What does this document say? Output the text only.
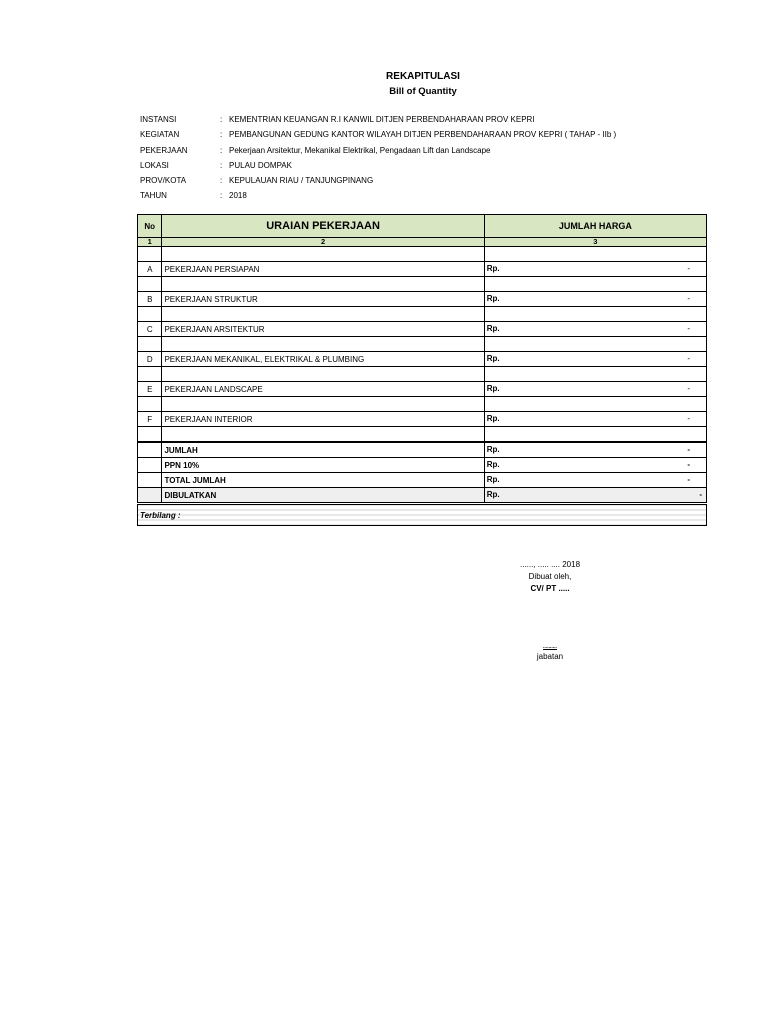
REKAPITULASI
Bill of Quantity
INSTANSI	: KEMENTRIAN KEUANGAN R.I KANWIL DITJEN PERBENDAHARAAN PROV KEPRI
KEGIATAN	: PEMBANGUNAN GEDUNG KANTOR WILAYAH DITJEN PERBENDAHARAAN PROV KEPRI ( TAHAP - IIb )
PEKERJAAN	: Pekerjaan Arsitektur, Mekanikal Elektrikal, Pengadaan Lift dan Landscape
LOKASI	: PULAU DOMPAK
PROV/KOTA	: KEPULAUAN RIAU / TANJUNGPINANG
TAHUN	: 2018
No	URAIAN PEKERJAAN	JUMLAH HARGA
1	2	3

A	PEKERJAAN PERSIAPAN	Rp. -

B	PEKERJAAN STRUKTUR	Rp. -

C	PEKERJAAN ARSITEKTUR	Rp. -

D	PEKERJAAN MEKANIKAL, ELEKTRIKAL & PLUMBING	Rp. -

E	PEKERJAAN LANDSCAPE	Rp. -

F	PEKERJAAN INTERIOR	Rp. -

	JUMLAH	Rp. -

	PPN 10%	Rp. -

	TOTAL JUMLAH	Rp. -

	DIBULATKAN	Rp. -

Terbilang :		
......, ..... .... 2018
Dibuat oleh,
CV/ PT .....
..........
jabatan
